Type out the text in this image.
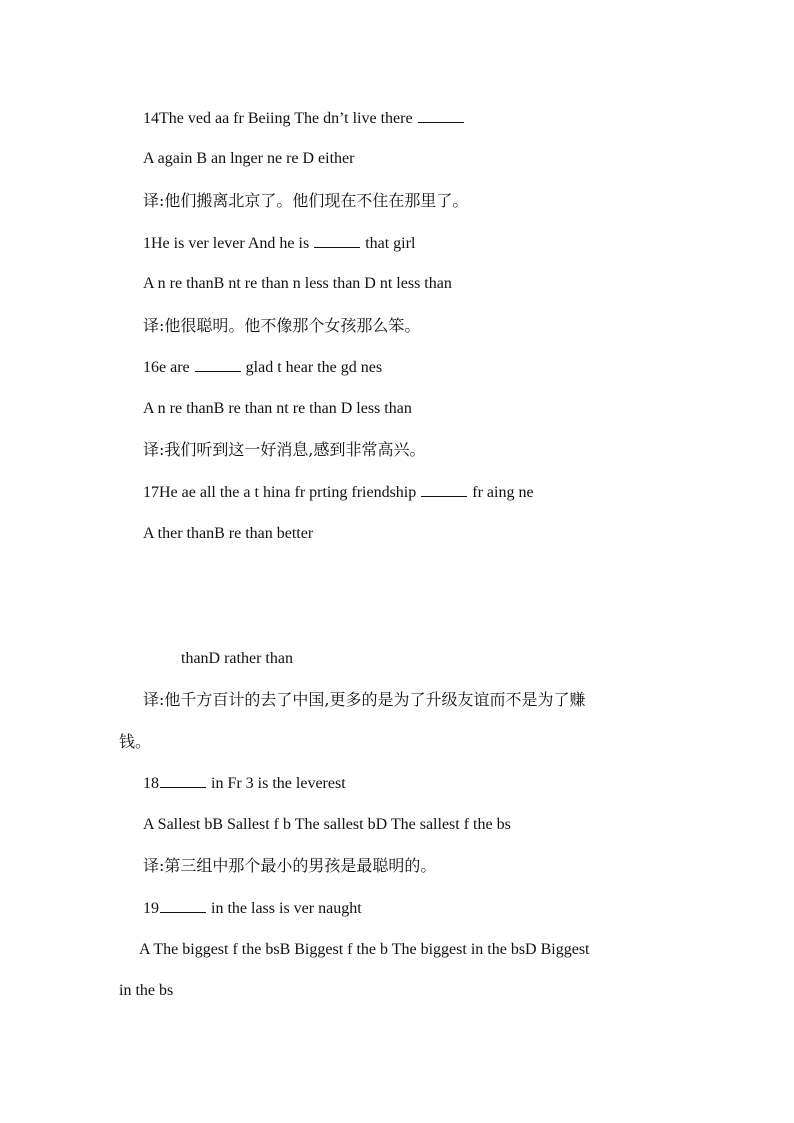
14The ved aa fr Beiing The dn’t live there
A again B an lnger ne re D either
译:他们搬离北京了。他们现在不住在那里了。
1He is ver lever And he is	that girl
A n re thanB nt re than n less than D nt less than
译:他很聪明。他不像那个女孩那么笨。
16e are	glad t hear the gd nes
A n re thanB re than nt re than D less than
译:我们听到这一好消息,感到非常高兴。
17He ae all the a t hina fr prting friendship	fr aing ne
A ther thanB re than better
thanD rather than
译:他千方百计的去了中国,更多的是为了升级友谊而不是为了赚
钱。
18	in Fr 3 is the leverest
A Sallest bB Sallest f b The sallest bD The sallest f the bs
译:第三组中那个最小的男孩是最聪明的。
19	in the lass is ver naught
A The biggest f the bsB Biggest f the b The biggest in the bsD Biggest
in the bs
